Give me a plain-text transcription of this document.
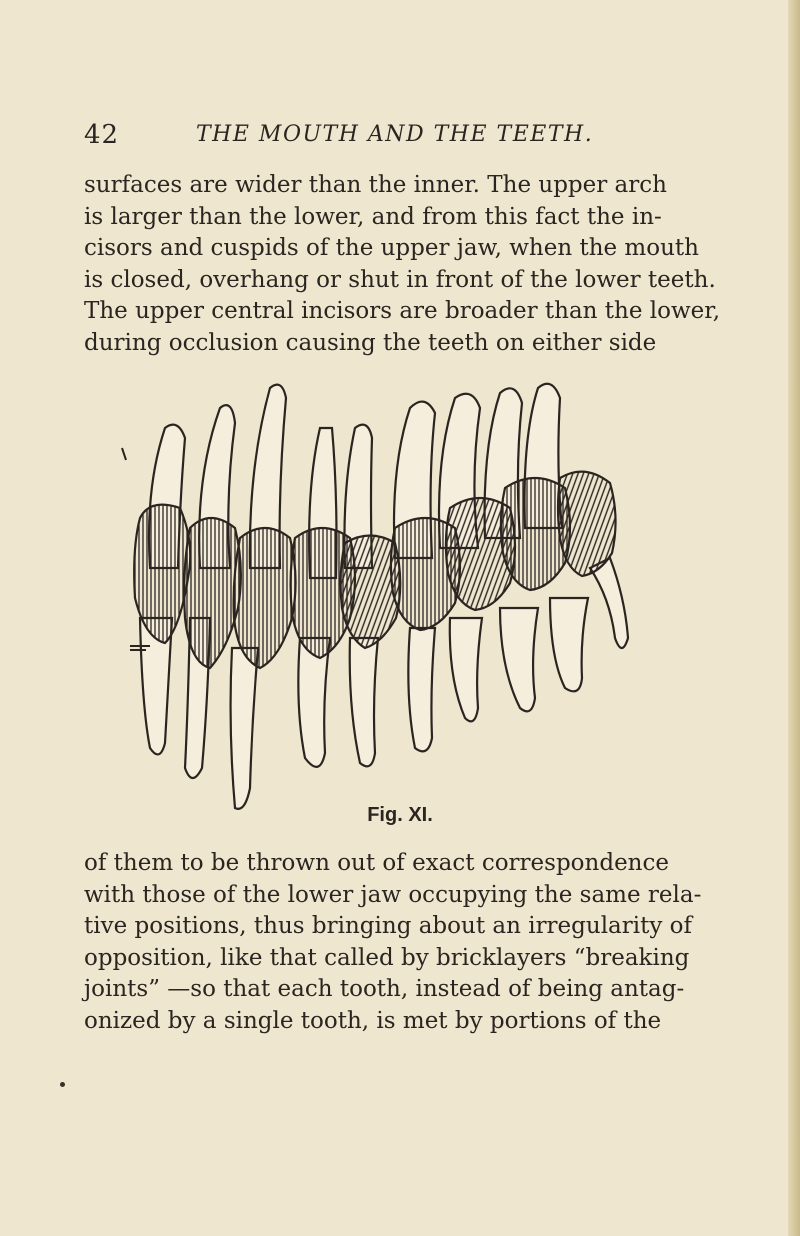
42	THE MOUTH AND THE TEETH.
surfaces are wider than the inner. The upper arch
is larger than the lower, and from this fact the in-
cisors and cuspids of the upper jaw, when the mouth
is closed, overhang or shut in front of the lower teeth.
The upper central incisors are broader than the lower,
during occlusion causing the teeth on either side
Fig. XI.
of them to be thrown out of exact correspondence
with those of the lower jaw occupying the same rela-
tive positions, thus bringing about an irregularity of
opposition, like that called by bricklayers “breaking
joints” —so that each tooth, instead of being antag-
onized by a single tooth, is met by portions of the
